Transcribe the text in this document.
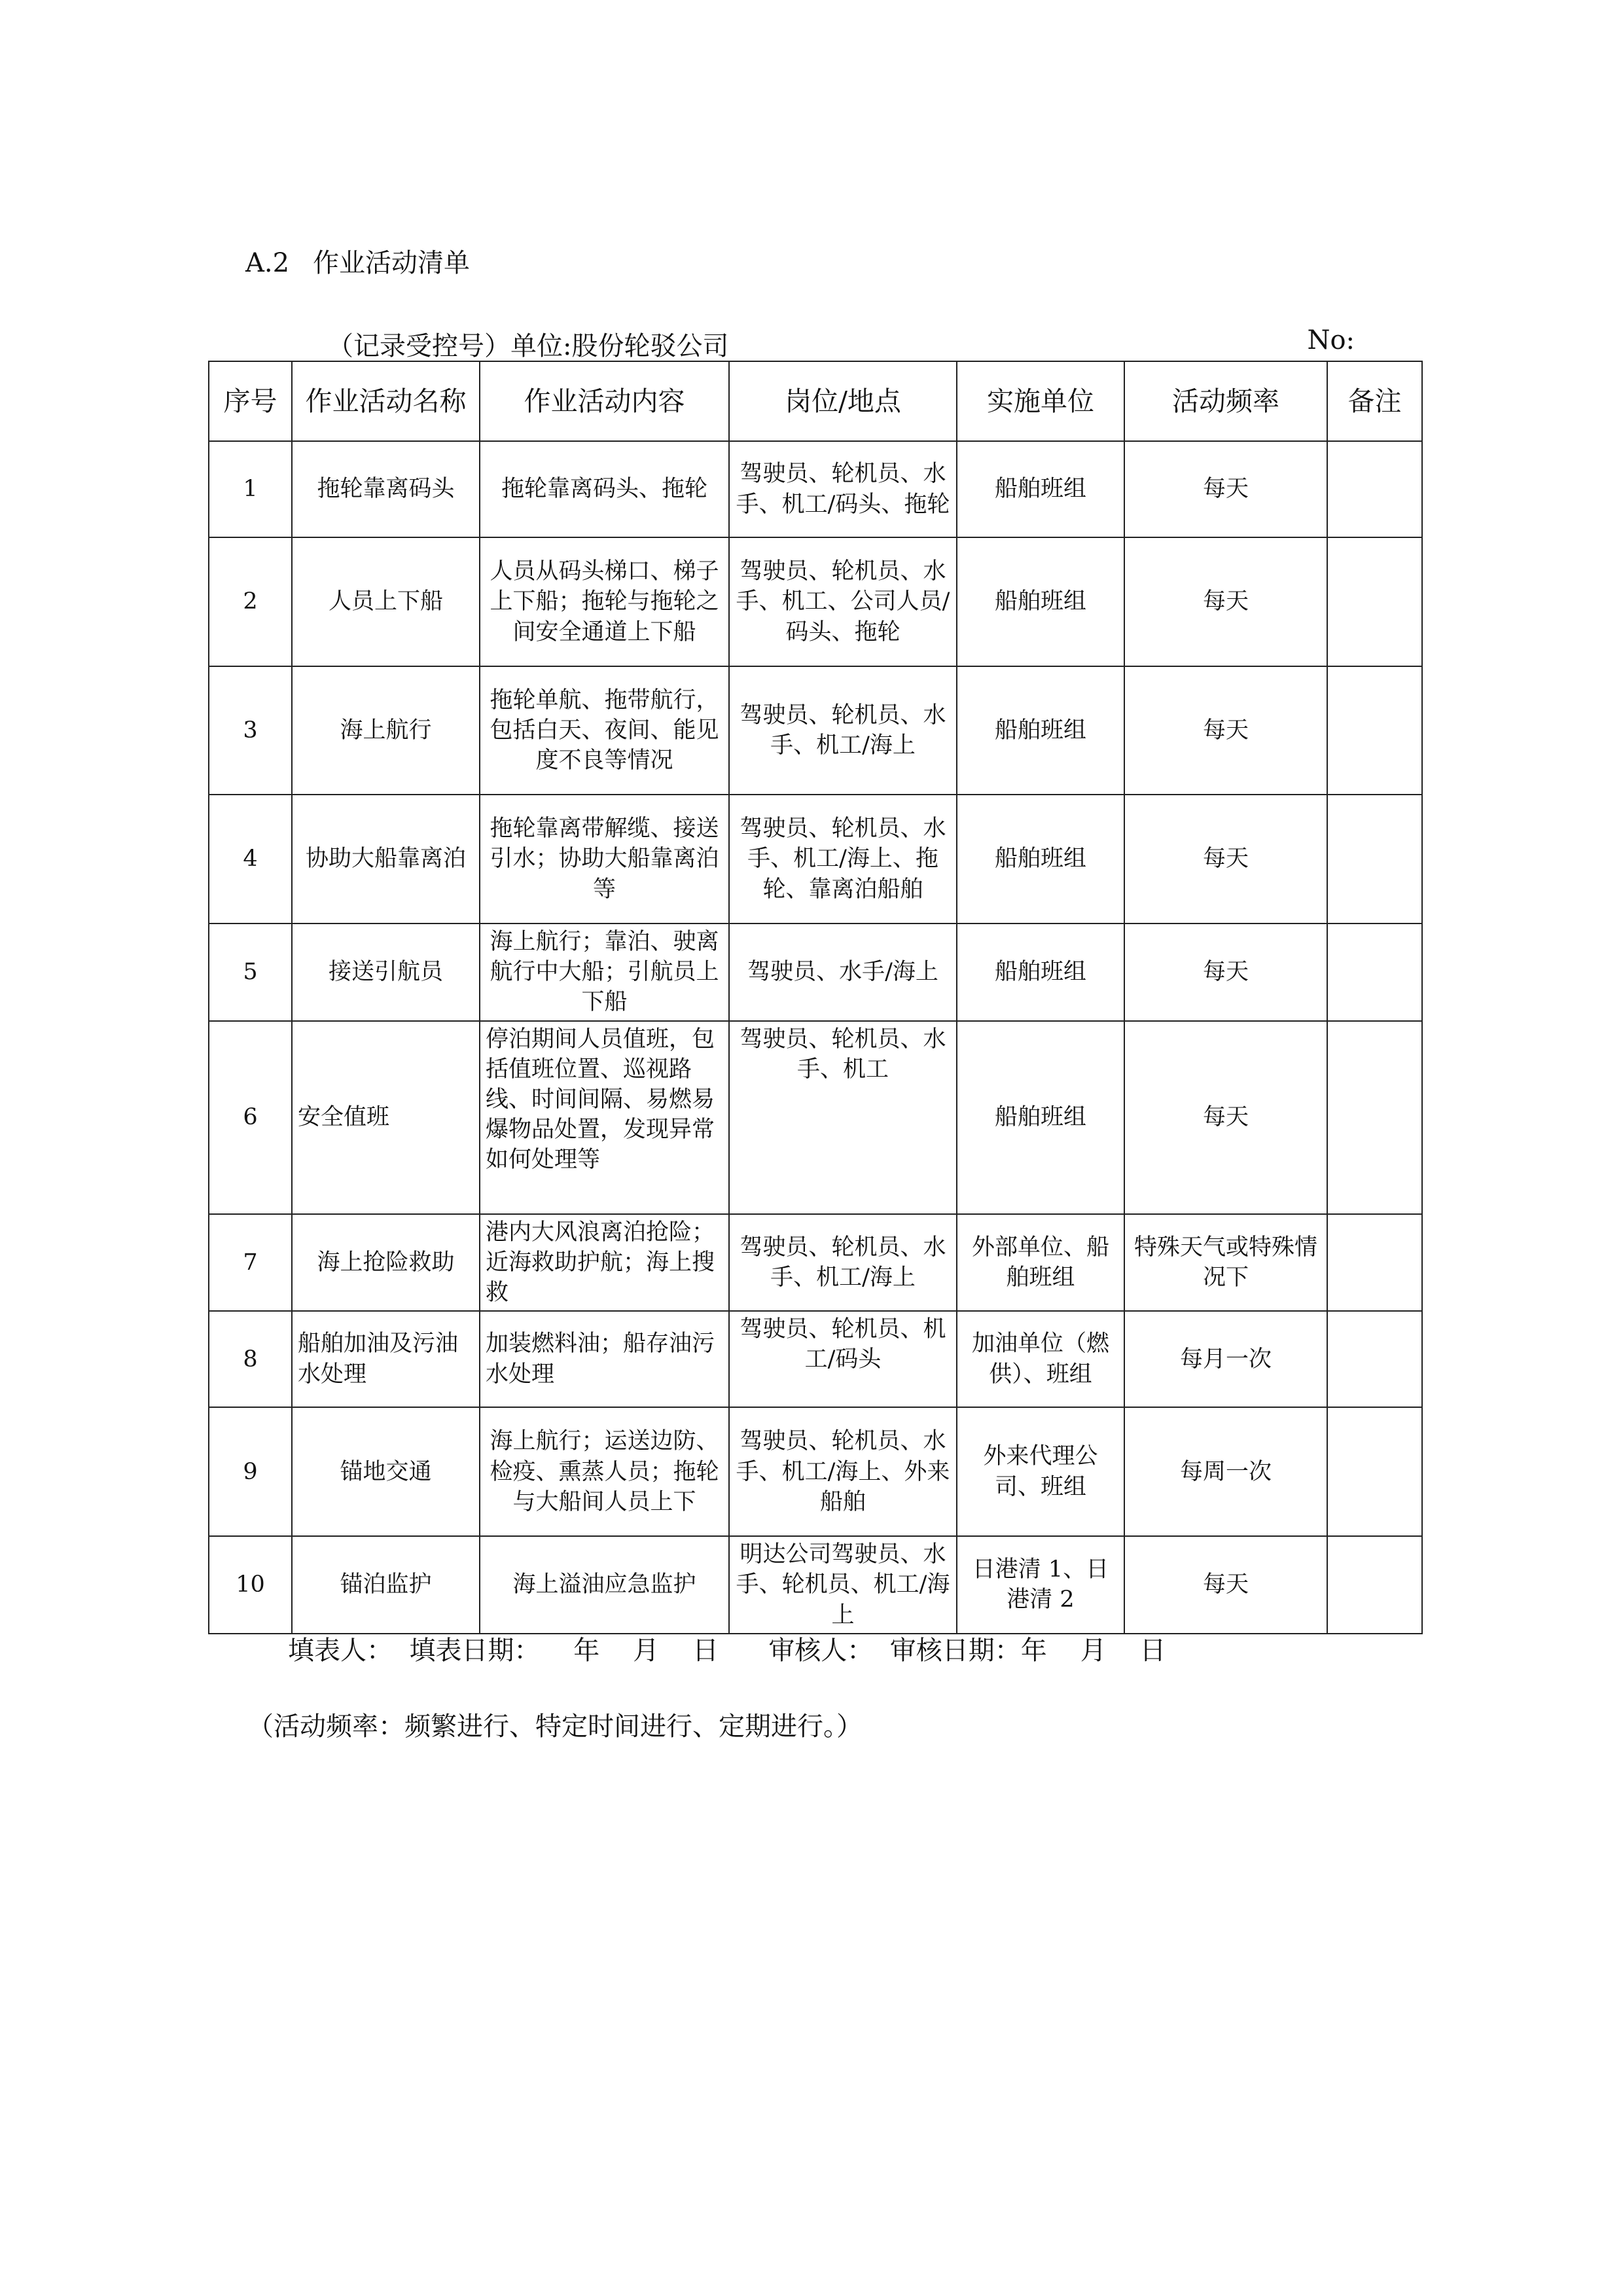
A.2 作业活动清单
（记录受控号）单位:股份轮驳公司	No:
序号	作业活动名称	作业活动内容	岗位/地点	实施单位	活动频率	备注
1	拖轮靠离码头	拖轮靠离码头、拖轮	驾驶员、轮机员、水手、机工/码头、拖轮	船舶班组	每天	
2	人员上下船	人员从码头梯口、梯子上下船；拖轮与拖轮之间安全通道上下船	驾驶员、轮机员、水手、机工、公司人员/码头、拖轮	船舶班组	每天	
3	海上航行	拖轮单航、拖带航行，包括白天、夜间、能见度不良等情况	驾驶员、轮机员、水手、机工/海上	船舶班组	每天	
4	协助大船靠离泊	拖轮靠离带解缆、接送引水；协助大船靠离泊等	驾驶员、轮机员、水手、机工/海上、拖轮、靠离泊船舶	船舶班组	每天	
5	接送引航员	海上航行；靠泊、驶离航行中大船；引航员上下船	驾驶员、水手/海上	船舶班组	每天	
6	安全值班	停泊期间人员值班，包括值班位置、巡视路线、时间间隔、易燃易爆物品处置，发现异常如何处理等	驾驶员、轮机员、水手、机工	船舶班组	每天	
7	海上抢险救助	港内大风浪离泊抢险；近海救助护航；海上搜救	驾驶员、轮机员、水手、机工/海上	外部单位、船舶班组	特殊天气或特殊情况下	
8	船舶加油及污油水处理	加装燃料油；船存油污水处理	驾驶员、轮机员、机工/码头	加油单位（燃供）、班组	每月一次	
9	锚地交通	海上航行；运送边防、检疫、熏蒸人员；拖轮与大船间人员上下	驾驶员、轮机员、水手、机工/海上、外来船舶	外来代理公司、班组	每周一次	
10	锚泊监护	海上溢油应急监护	明达公司驾驶员、水手、轮机员、机工/海上	日港清 1、日港清 2	每天	
填表人： 填表日期： 年 月 日 审核人： 审核日期：年 月 日
（活动频率：频繁进行、特定时间进行、定期进行。）
